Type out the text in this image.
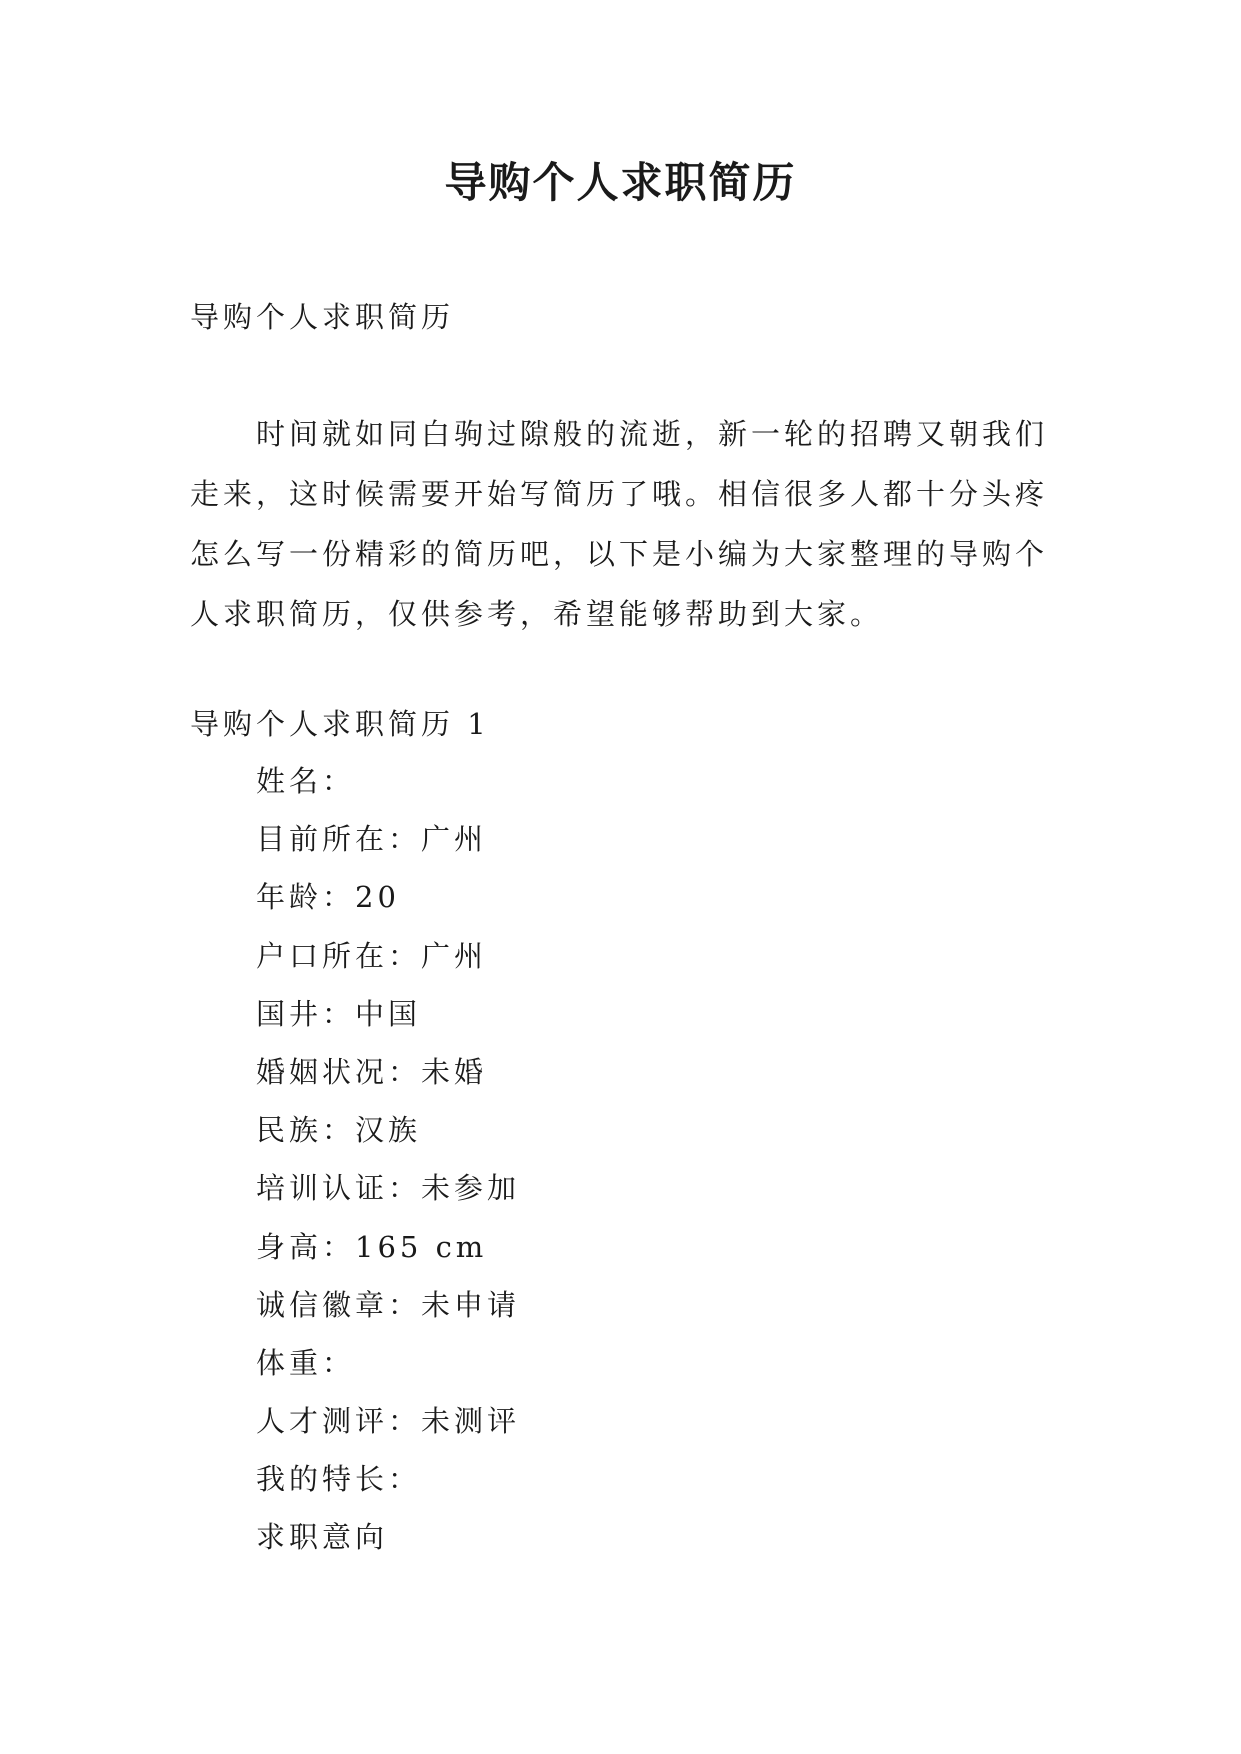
导购个人求职简历

导购个人求职简历

时间就如同白驹过隙般的流逝，新一轮的招聘又朝我们
走来，这时候需要开始写简历了哦。相信很多人都十分头疼
怎么写一份精彩的简历吧，以下是小编为大家整理的导购个
人求职简历，仅供参考，希望能够帮助到大家。

导购个人求职简历 1

姓名：
目前所在：广州
年龄：20
户口所在：广州
国井：中国
婚姻状况：未婚
民族：汉族
培训认证：未参加
身高：165 cm
诚信徽章：未申请
体重：
人才测评：未测评
我的特长：
求职意向
